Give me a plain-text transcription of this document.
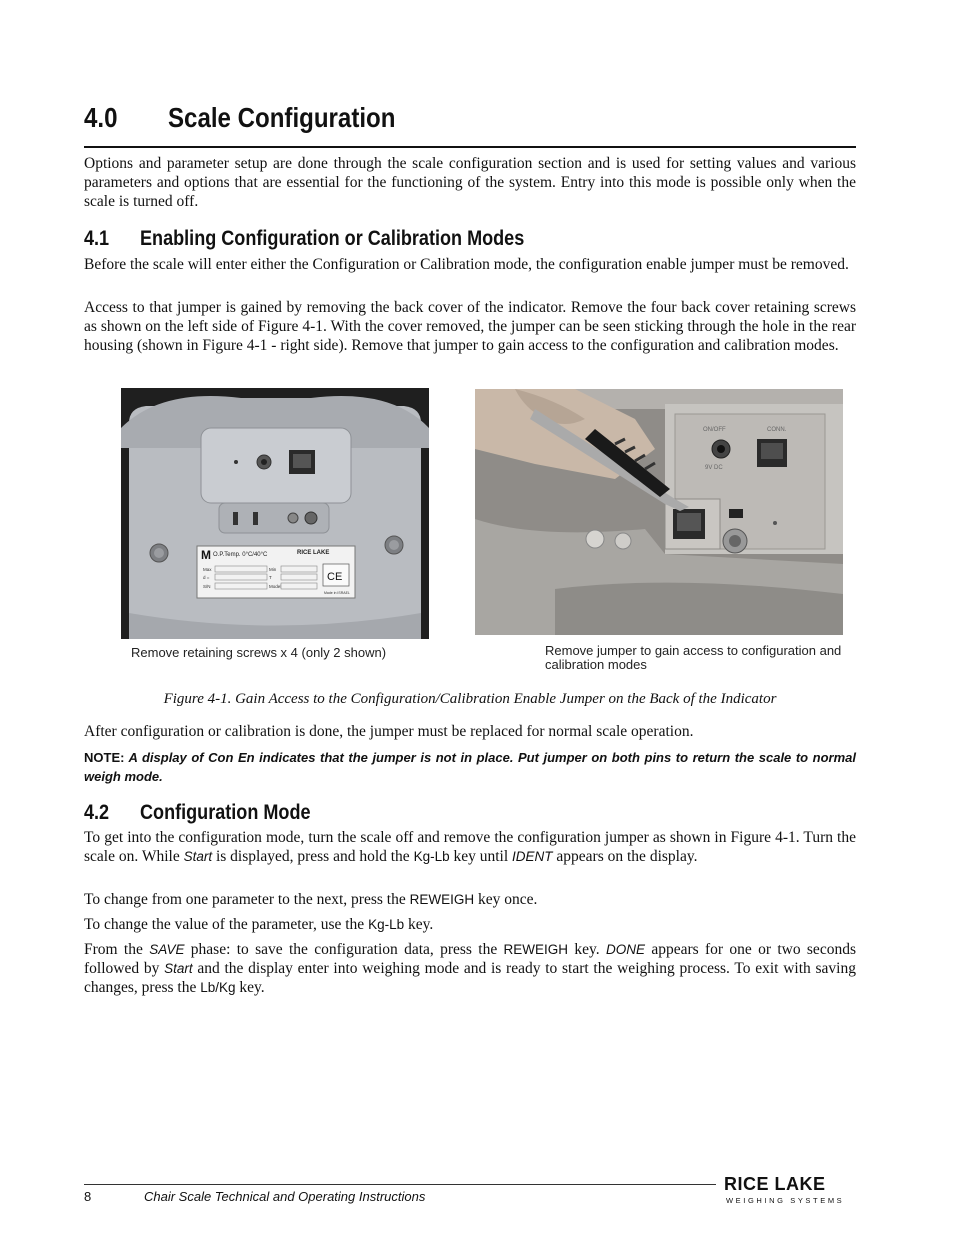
4.0 Scale Configuration

Options and parameter setup are done through the scale configuration section and is used for setting values and various parameters and options that are essential for the functioning of the system. Entry into this mode is possible only when the scale is turned off.

4.1 Enabling Configuration or Calibration Modes

Before the scale will enter either the Configuration or Calibration mode, the configuration enable jumper must be removed.

Access to that jumper is gained by removing the back cover of the indicator. Remove the four back cover retaining screws as shown on the left side of Figure 4-1. With the cover removed, the jumper can be seen sticking through the hole in the rear housing (shown in Figure 4-1 - right side). Remove that jumper to gain access to the configuration and calibration modes.

M O.P.Temp. 0°C/40°C	RICE LAKE
Max
d =
S/N
Min
T
Model
CE
Made in ISRAEL
Remove retaining screws x 4 (only 2 shown)
ON/OFF	CONN.
9V DC
Remove jumper to gain access to configuration and calibration modes
Figure 4-1. Gain Access to the Configuration/Calibration Enable Jumper on the Back of the Indicator

After configuration or calibration is done, the jumper must be replaced for normal scale operation.

NOTE: A display of Con En indicates that the jumper is not in place. Put jumper on both pins to return the scale to normal weigh mode.

4.2 Configuration Mode

To get into the configuration mode, turn the scale off and remove the configuration jumper as shown in Figure 4-1. Turn the scale on. While Start is displayed, press and hold the Kg-Lb key until IDENT appears on the display.

To change from one parameter to the next, press the REWEIGH key once.

To change the value of the parameter, use the Kg-Lb key.

From the SAVE phase: to save the configuration data, press the REWEIGH key. DONE appears for one or two seconds followed by Start and the display enter into weighing mode and is ready to start the weighing process. To exit with saving changes, press the Lb/Kg key.

8	Chair Scale Technical and Operating Instructions
RICE LAKE
WEIGHING SYSTEMS
